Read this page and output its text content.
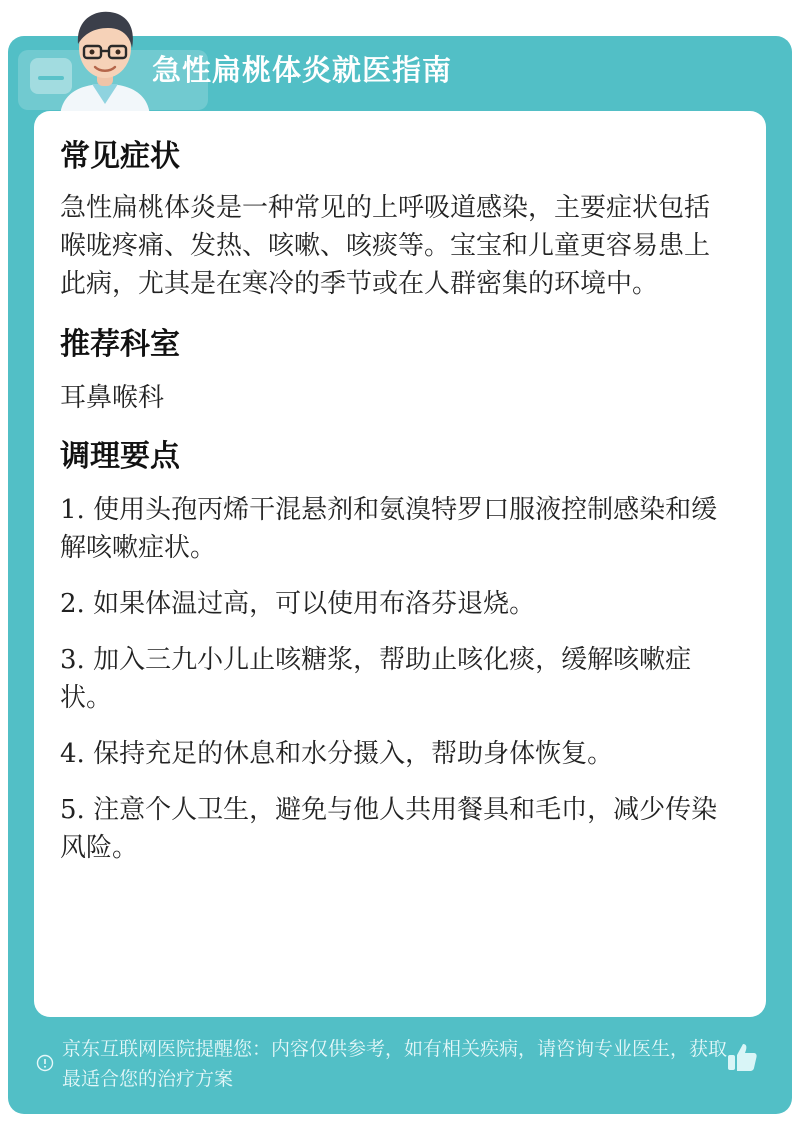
急性扁桃体炎就医指南
常见症状

急性扁桃体炎是一种常见的上呼吸道感染，主要症状包括喉咙疼痛、发热、咳嗽、咳痰等。宝宝和儿童更容易患上此病，尤其是在寒冷的季节或在人群密集的环境中。

推荐科室

耳鼻喉科

调理要点

1. 使用头孢丙烯干混悬剂和氨溴特罗口服液控制感染和缓解咳嗽症状。

2. 如果体温过高，可以使用布洛芬退烧。

3. 加入三九小儿止咳糖浆，帮助止咳化痰，缓解咳嗽症状。

4. 保持充足的休息和水分摄入，帮助身体恢复。

5. 注意个人卫生，避免与他人共用餐具和毛巾，减少传染风险。

京东互联网医院提醒您：内容仅供参考，如有相关疾病，请咨询专业医生，获取最适合您的治疗方案
